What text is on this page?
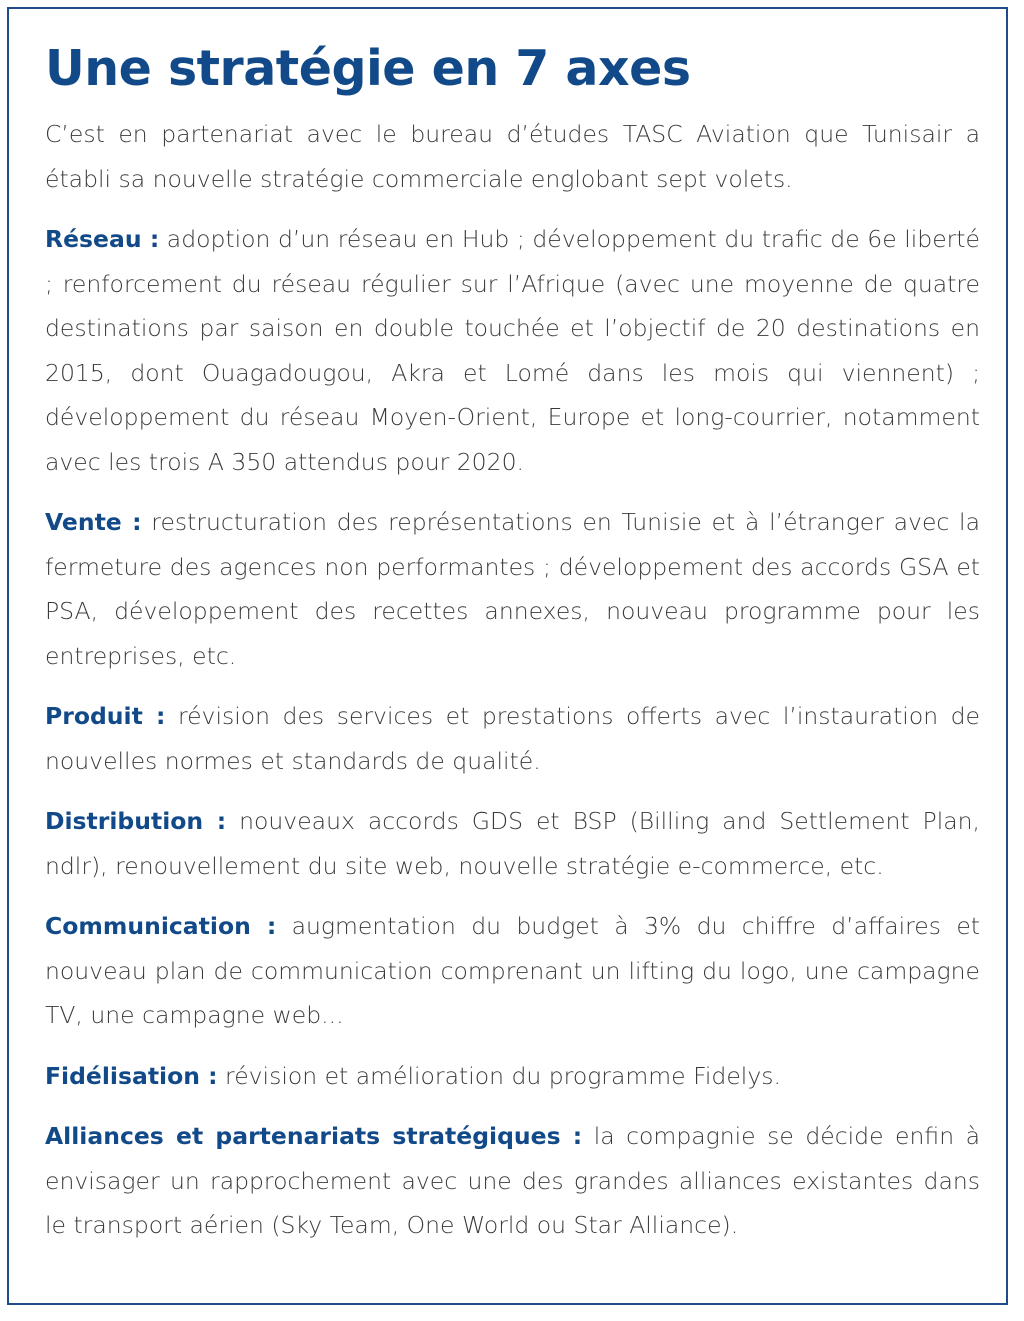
Une stratégie en 7 axes

C’est en partenariat avec le bureau d’études TASC Aviation que Tunisair a établi sa nouvelle stratégie commerciale englobant sept volets.

Réseau : adoption d’un réseau en Hub ; développement du trafic de 6e liberté ; renforcement du réseau régulier sur l’Afrique (avec une moyenne de quatre destinations par saison en double touchée et l’objectif de 20 destinations en 2015, dont Ouagadougou, Akra et Lomé dans les mois qui viennent) ; développement du réseau Moyen-Orient, Europe et long-courrier, notamment avec les trois A 350 attendus pour 2020.

Vente : restructuration des représentations en Tunisie et à l’étranger avec la fermeture des agences non performantes ; développement des accords GSA et PSA, développement des recettes annexes, nouveau programme pour les entreprises, etc.

Produit : révision des services et prestations offerts avec l’instauration de nouvelles normes et standards de qualité.

Distribution : nouveaux accords GDS et BSP (Billing and Settlement Plan, ndlr), renouvellement du site web, nouvelle stratégie e-commerce, etc.

Communication : augmentation du budget à 3% du chiffre d’affaires et nouveau plan de communication comprenant un lifting du logo, une campagne TV, une campagne web...

Fidélisation : révision et amélioration du programme Fidelys.

Alliances et partenariats stratégiques : la compagnie se décide enfin à envisager un rapprochement avec une des grandes alliances existantes dans le transport aérien (Sky Team, One World ou Star Alliance).
